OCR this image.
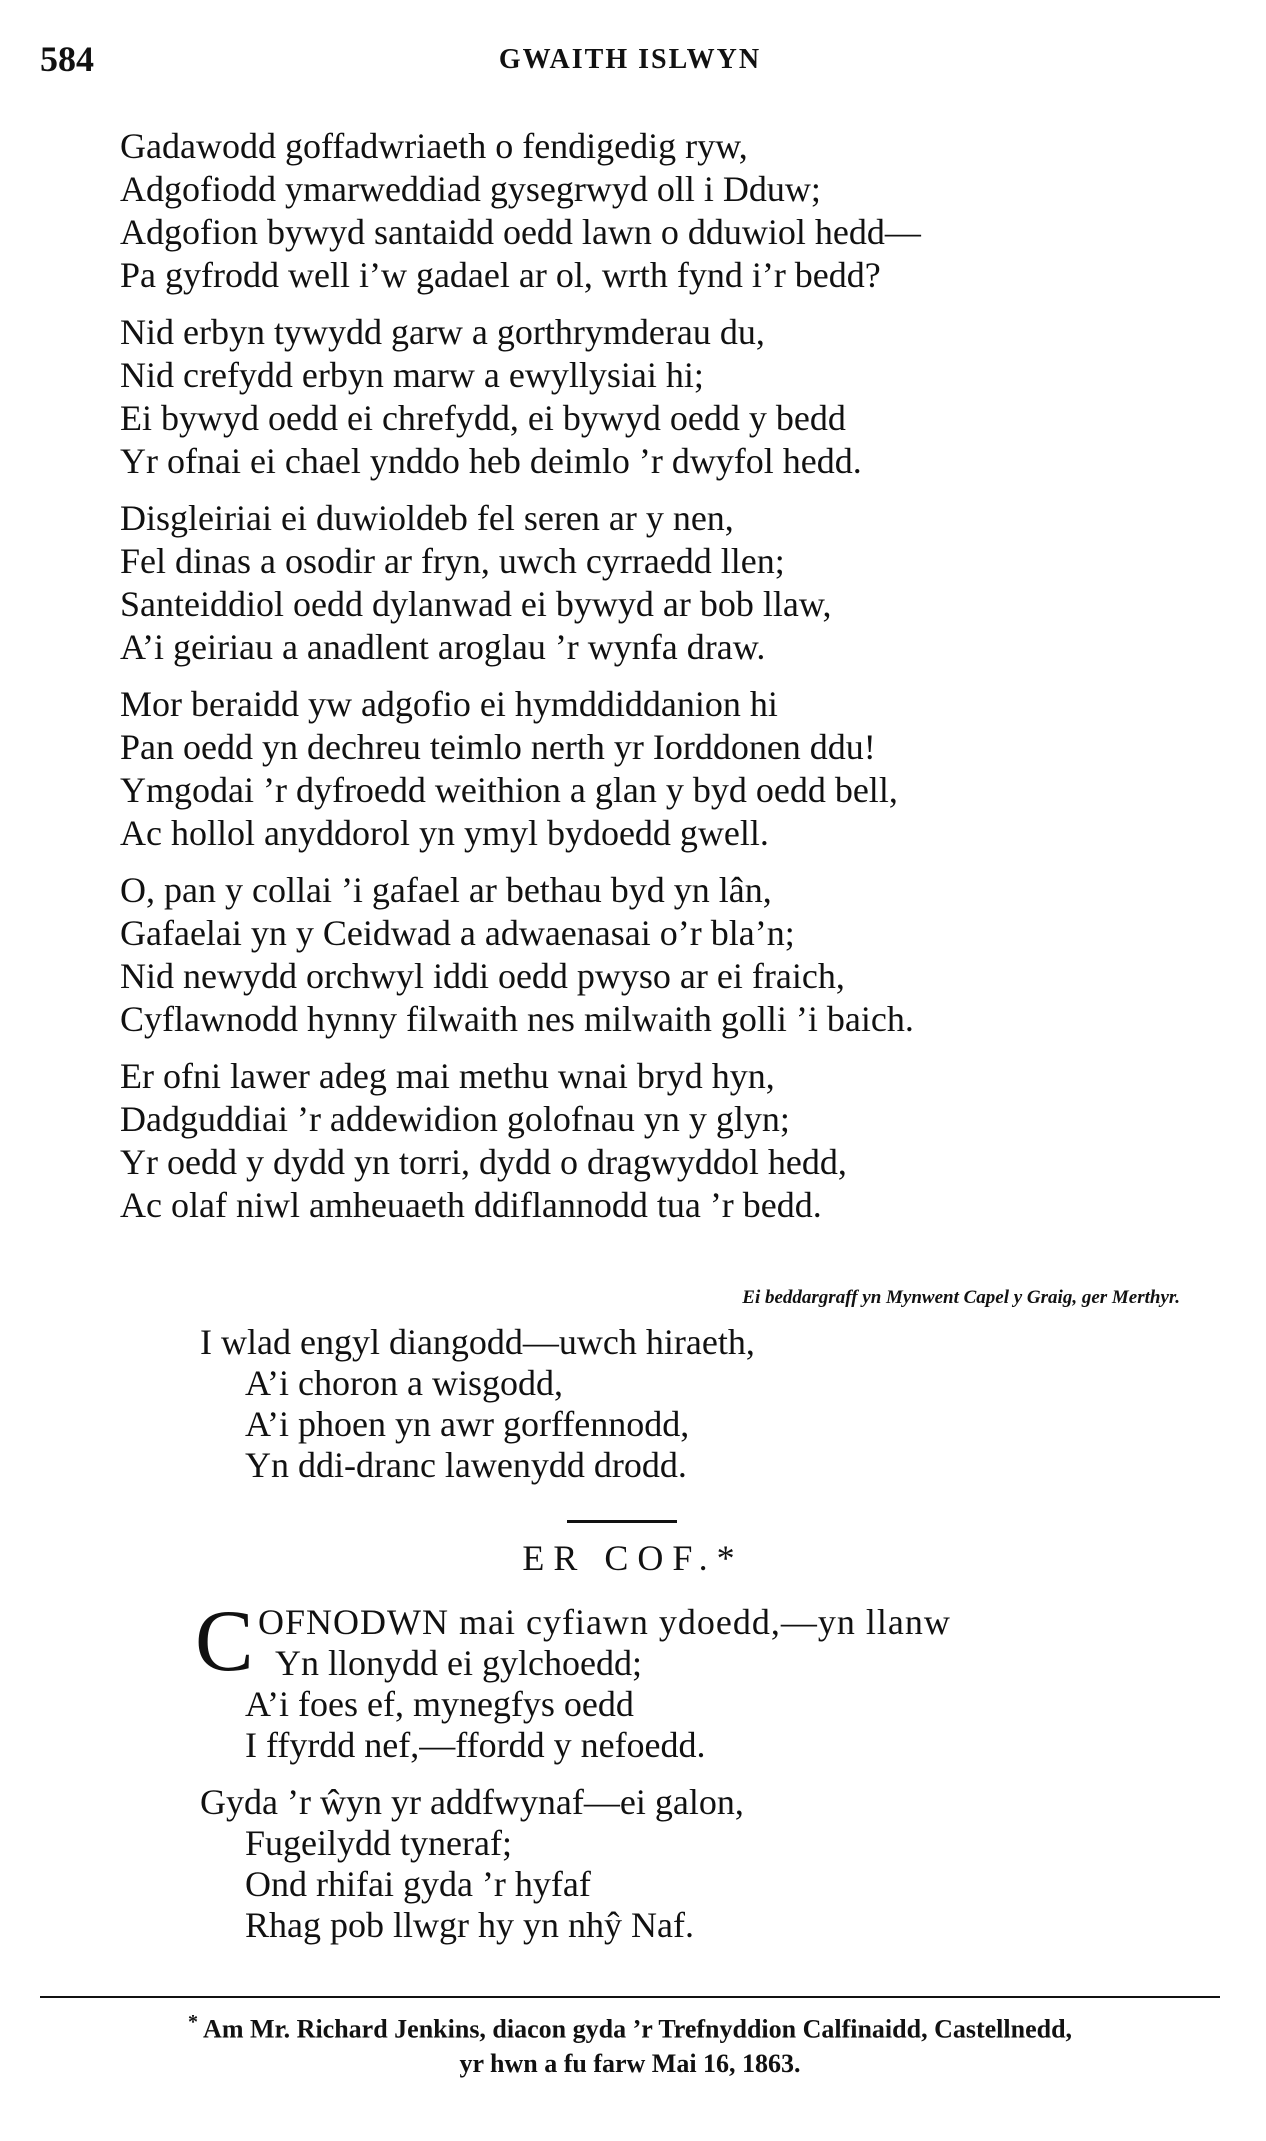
584	GWAITH ISLWYN
Gadawodd goffadwriaeth o fendigedig ryw,
Adgofiodd ymarweddiad gysegrwyd oll i Dduw;
Adgofion bywyd santaidd oedd lawn o dduwiol hedd—
Pa gyfrodd well i’w gadael ar ol, wrth fynd i’r bedd?
Nid erbyn tywydd garw a gorthrymderau du,
Nid crefydd erbyn marw a ewyllysiai hi;
Ei bywyd oedd ei chrefydd, ei bywyd oedd y bedd
Yr ofnai ei chael ynddo heb deimlo ’r dwyfol hedd.
Disgleiriai ei duwioldeb fel seren ar y nen,
Fel dinas a osodir ar fryn, uwch cyrraedd llen;
Santeiddiol oedd dylanwad ei bywyd ar bob llaw,
A’i geiriau a anadlent aroglau ’r wynfa draw.
Mor beraidd yw adgofio ei hymddiddanion hi
Pan oedd yn dechreu teimlo nerth yr Iorddonen ddu!
Ymgodai ’r dyfroedd weithion a glan y byd oedd bell,
Ac hollol anyddorol yn ymyl bydoedd gwell.
O, pan y collai ’i gafael ar bethau byd yn lân,
Gafaelai yn y Ceidwad a adwaenasai o’r bla’n;
Nid newydd orchwyl iddi oedd pwyso ar ei fraich,
Cyflawnodd hynny filwaith nes milwaith golli ’i baich.
Er ofni lawer adeg mai methu wnai bryd hyn,
Dadguddiai ’r addewidion golofnau yn y glyn;
Yr oedd y dydd yn torri, dydd o dragwyddol hedd,
Ac olaf niwl amheuaeth ddiflannodd tua ’r bedd.
Ei beddargraff yn Mynwent Capel y Graig, ger Merthyr.
I wlad engyl diangodd—uwch hiraeth,
A’i choron a wisgodd,
A’i phoen yn awr gorffennodd,
Yn ddi-dranc lawenydd drodd.
ER COF.*
C OFNODWN mai cyfiawn ydoedd,—yn llanw
Yn llonydd ei gylchoedd;
A’i foes ef, mynegfys oedd
I ffyrdd nef,—ffordd y nefoedd.
Gyda ’r ŵyn yr addfwynaf—ei galon,
Fugeilydd tyneraf;
Ond rhifai gyda ’r hyfaf
Rhag pob llwgr hy yn nhŷ Naf.
* Am Mr. Richard Jenkins, diacon gyda ’r Trefnyddion Calfinaidd, Castellnedd,
yr hwn a fu farw Mai 16, 1863.
